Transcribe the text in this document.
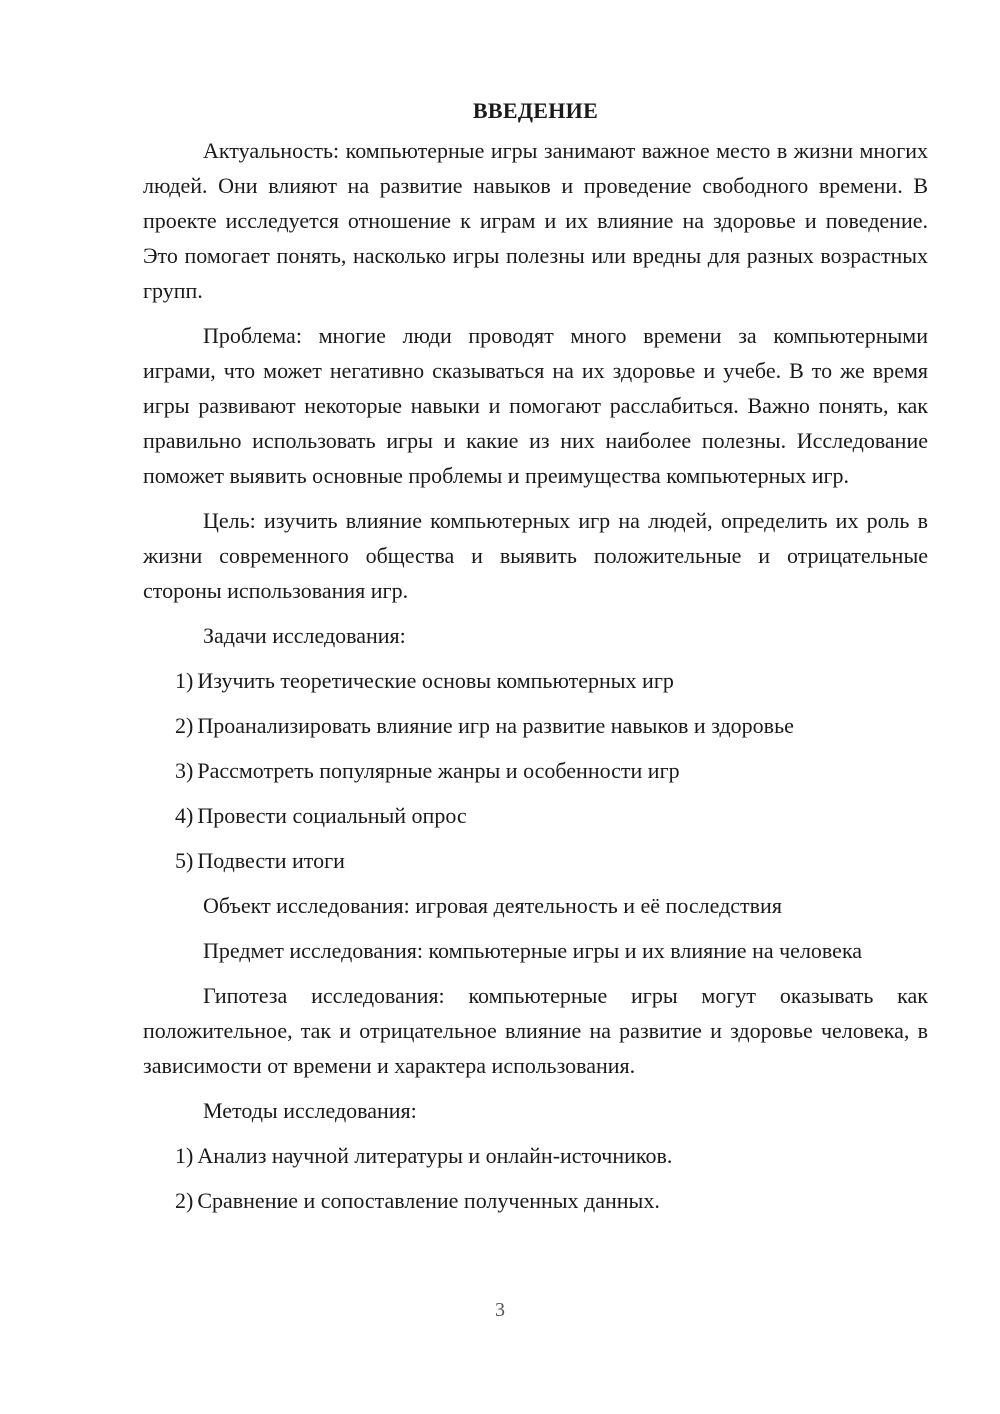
ВВЕДЕНИЕ

Актуальность: компьютерные игры занимают важное место в жизни многих людей. Они влияют на развитие навыков и проведение свободного времени. В проекте исследуется отношение к играм и их влияние на здоровье и поведение. Это помогает понять, насколько игры полезны или вредны для разных возрастных групп.

Проблема: многие люди проводят много времени за компьютерными играми, что может негативно сказываться на их здоровье и учебе. В то же время игры развивают некоторые навыки и помогают расслабиться. Важно понять, как правильно использовать игры и какие из них наиболее полезны. Исследование поможет выявить основные проблемы и преимущества компьютерных игр.

Цель: изучить влияние компьютерных игр на людей, определить их роль в жизни современного общества и выявить положительные и отрицательные стороны использования игр.

Задачи исследования:

1) Изучить теоретические основы компьютерных игр
2) Проанализировать влияние игр на развитие навыков и здоровье
3) Рассмотреть популярные жанры и особенности игр
4) Провести социальный опрос
5) Подвести итоги

Объект исследования: игровая деятельность и её последствия

Предмет исследования: компьютерные игры и их влияние на человека

Гипотеза исследования: компьютерные игры могут оказывать как положительное, так и отрицательное влияние на развитие и здоровье человека, в зависимости от времени и характера использования.

Методы исследования:

1) Анализ научной литературы и онлайн-источников.
2) Сравнение и сопоставление полученных данных.
3
